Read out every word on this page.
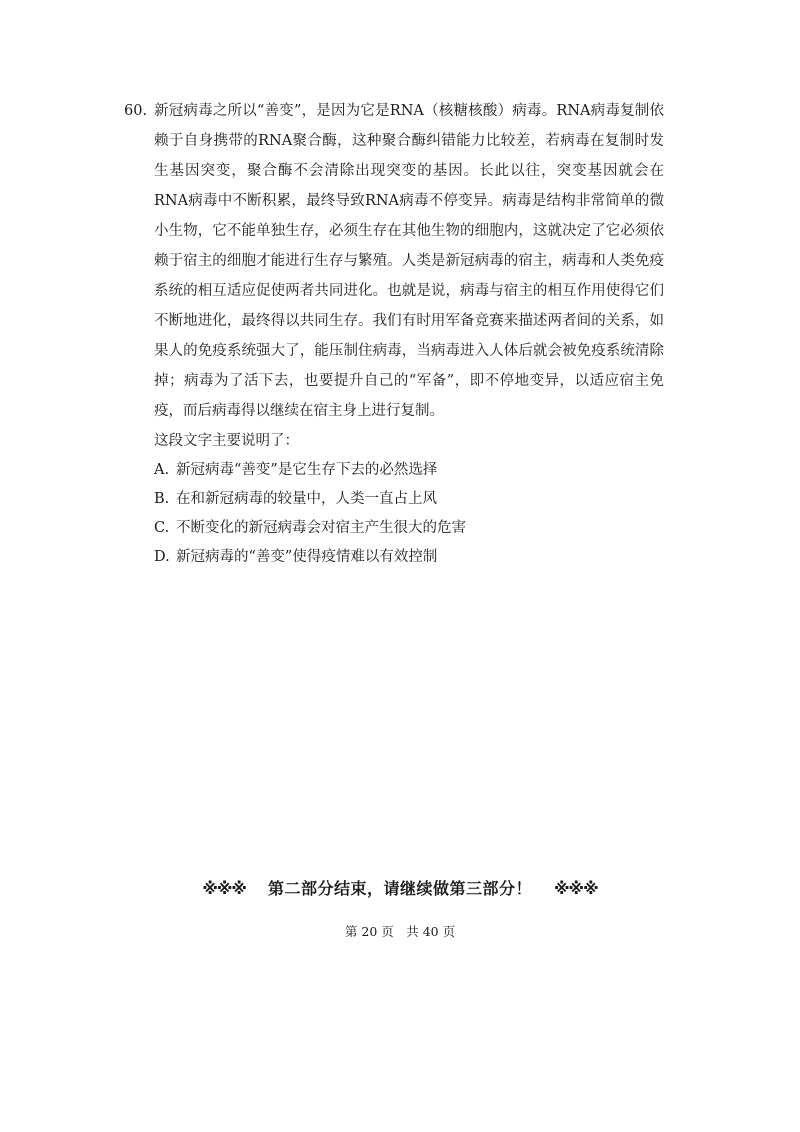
60. 新冠病毒之所以“善变”，是因为它是RNA（核糖核酸）病毒。RNA病毒复制依赖于自身携带的RNA聚合酶，这种聚合酶纠错能力比较差，若病毒在复制时发生基因突变，聚合酶不会清除出现突变的基因。长此以往，突变基因就会在RNA病毒中不断积累，最终导致RNA病毒不停变异。病毒是结构非常简单的微小生物，它不能单独生存，必须生存在其他生物的细胞内，这就决定了它必须依赖于宿主的细胞才能进行生存与繁殖。人类是新冠病毒的宿主，病毒和人类免疫系统的相互适应促使两者共同进化。也就是说，病毒与宿主的相互作用使得它们不断地进化，最终得以共同生存。我们有时用军备竞赛来描述两者间的关系，如果人的免疫系统强大了，能压制住病毒，当病毒进入人体后就会被免疫系统清除掉；病毒为了活下去，也要提升自己的“军备”，即不停地变异，以适应宿主免疫，而后病毒得以继续在宿主身上进行复制。
这段文字主要说明了：
A. 新冠病毒“善变”是它生存下去的必然选择
B. 在和新冠病毒的较量中，人类一直占上风
C. 不断变化的新冠病毒会对宿主产生很大的危害
D. 新冠病毒的“善变”使得疫情难以有效控制
※※※ 第二部分结束，请继续做第三部分！ ※※※
第 20 页　共 40 页
